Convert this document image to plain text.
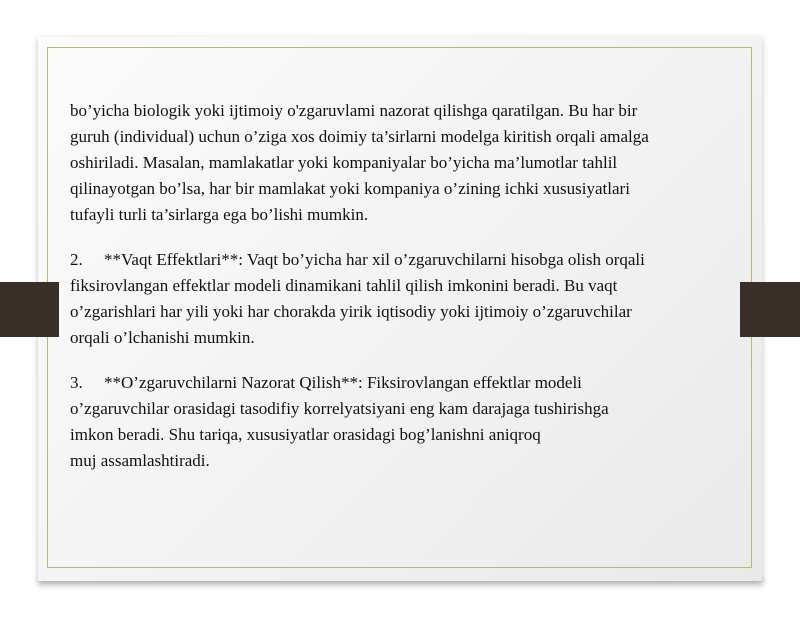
bo’yicha biologik yoki ijtimoiy o'zgaruvlami nazorat qilishga qaratilgan. Bu har bir
guruh (individual) uchun o’ziga xos doimiy ta’sirlarni modelga kiritish orqali amalga
oshiriladi. Masalan, mamlakatlar yoki kompaniyalar bo’yicha ma’lumotlar tahlil
qilinayotgan bo’lsa, har bir mamlakat yoki kompaniya o’zining ichki xususiyatlari
tufayli turli ta’sirlarga ega bo’lishi mumkin.
2. **Vaqt Effektlari**: Vaqt bo’yicha har xil o’zgaruvchilarni hisobga olish orqali
fiksirovlangan effektlar modeli dinamikani tahlil qilish imkonini beradi. Bu vaqt
o’zgarishlari har yili yoki har chorakda yirik iqtisodiy yoki ijtimoiy o’zgaruvchilar
orqali o’lchanishi mumkin.
3. **O’zgaruvchilarni Nazorat Qilish**: Fiksirovlangan effektlar modeli
o’zgaruvchilar orasidagi tasodifiy korrelyatsiyani eng kam darajaga tushirishga
imkon beradi. Shu tariqa, xususiyatlar orasidagi bog’lanishni aniqroq
muj assamlashtiradi.
